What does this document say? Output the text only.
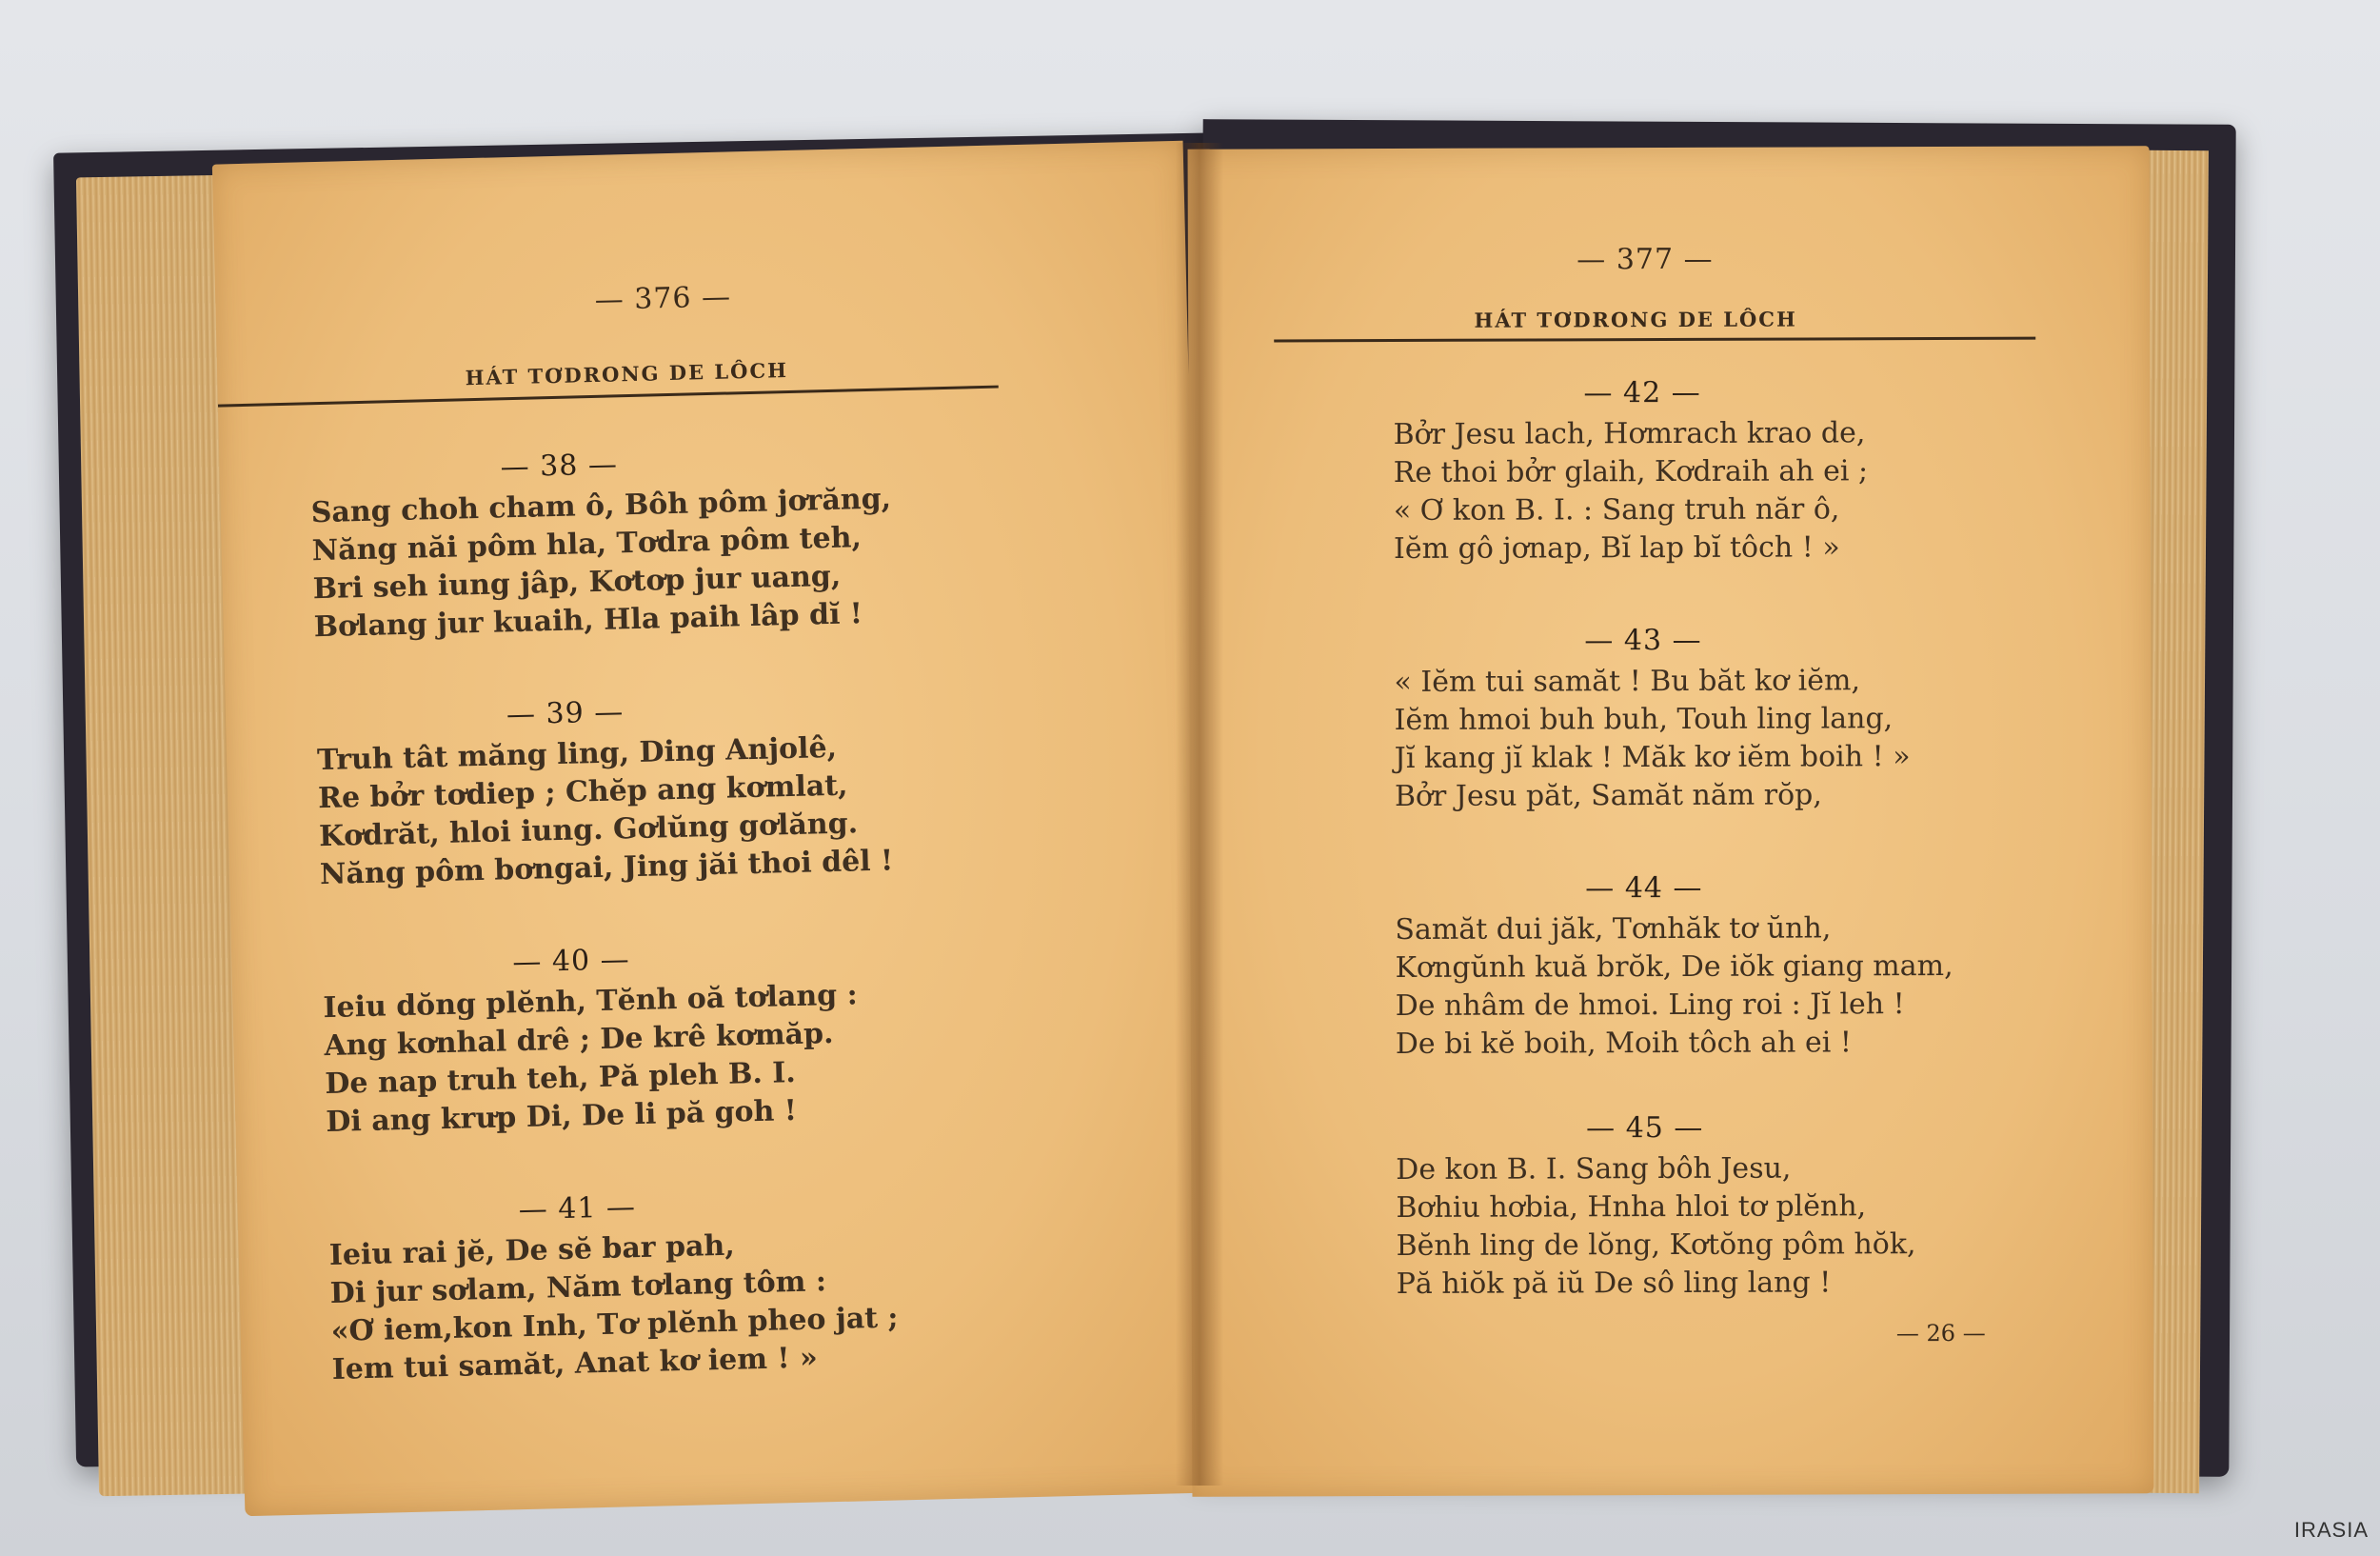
— 376 —
HÁT TƠDRONG DE LÔCH
— 38 —
Sang choh cham ô, Bôh pôm jơrăng,
Năng năi pôm hla, Tơdra pôm teh,
Bri seh iung jâp, Kơtơp jur uang,
Bơlang jur kuaih, Hla paih lâp dĭ !
— 39 —
Truh tât măng ling, Ding Anjolê,
Re bởr tơdiep ; Chĕp ang kơmlat,
Kơdrăt, hloi iung. Gơlŭng gơlăng.
Năng pôm bơngai, Jing jăi thoi dêl !
— 40 —
Ieiu dŏng plĕnh, Tĕnh oă tơlang :
Ang kơnhal drê ; De krê kơmăp.
De nap truh teh, Pă pleh B. I.
Di ang krưp Di, De li pă goh !
— 41 —
Ieiu rai jĕ, De sĕ bar pah,
Di jur sơlam, Năm tơlang tôm :
«Ơ iem,kon Inh, Tơ plĕnh pheo jat ;
Iem tui samăt, Anat kơ iem ! »
— 377 —
HÁT TƠDRONG DE LÔCH
— 42 —
Bởr Jesu lach, Hơmrach krao de,
Re thoi bởr glaih, Kơdraih ah ei ;
« Ơ kon B. I. : Sang truh năr ô,
Iĕm gô jơnap, Bĭ lap bĭ tôch ! »
— 43 —
« Iĕm tui samăt ! Bu băt kơ iĕm,
Iĕm hmoi buh buh, Touh ling lang,
Jĭ kang jĭ klak ! Măk kơ iĕm boih ! »
Bởr Jesu păt, Samăt năm rŏp,
— 44 —
Samăt dui jăk, Tơnhăk tơ ŭnh,
Kơngŭnh kuă brŏk, De iŏk giang mam,
De nhâm de hmoi. Ling roi : Jĭ leh !
De bi kĕ boih, Moih tôch ah ei !
— 45 —
De kon B. I. Sang bôh Jesu,
Bơhiu hơbia, Hnha hloi tơ plĕnh,
Bĕnh ling de lŏng, Kơtŏng pôm hŏk,
Pă hiŏk pă iŭ De sô ling lang !
— 26 —
IRASIA
